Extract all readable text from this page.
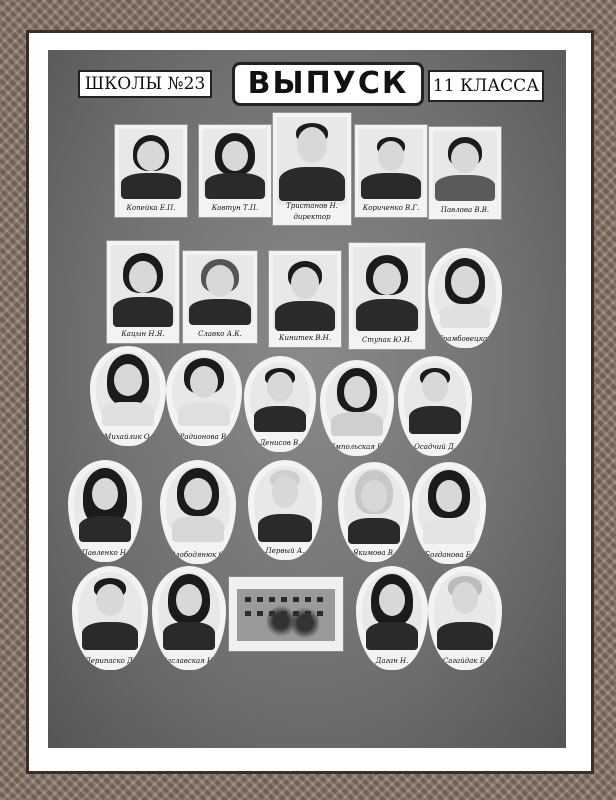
ШКОЛЫ №23	ВЫПУСК	11 КЛАССА
Копейка Е.П.	Ковтун Т.П.	Тристанов Н. директор
Кориченко В.Г.	Павлова В.В.
Кацын Н.Я.	Славко А.К.	Кинитек В.Н.	Ступак Ю.И.	Трамбовецкая
Михайлик О.	Радионова В.
Денисов В.	Ямпольская В.	Осадчий Д.
Павленко Н.	Слободянюк С.	Первый А.	Якимова В.	Богданова Е.
Дерипаско Д.	Заславская И.	Даган Н.	Сагайдак Е.
